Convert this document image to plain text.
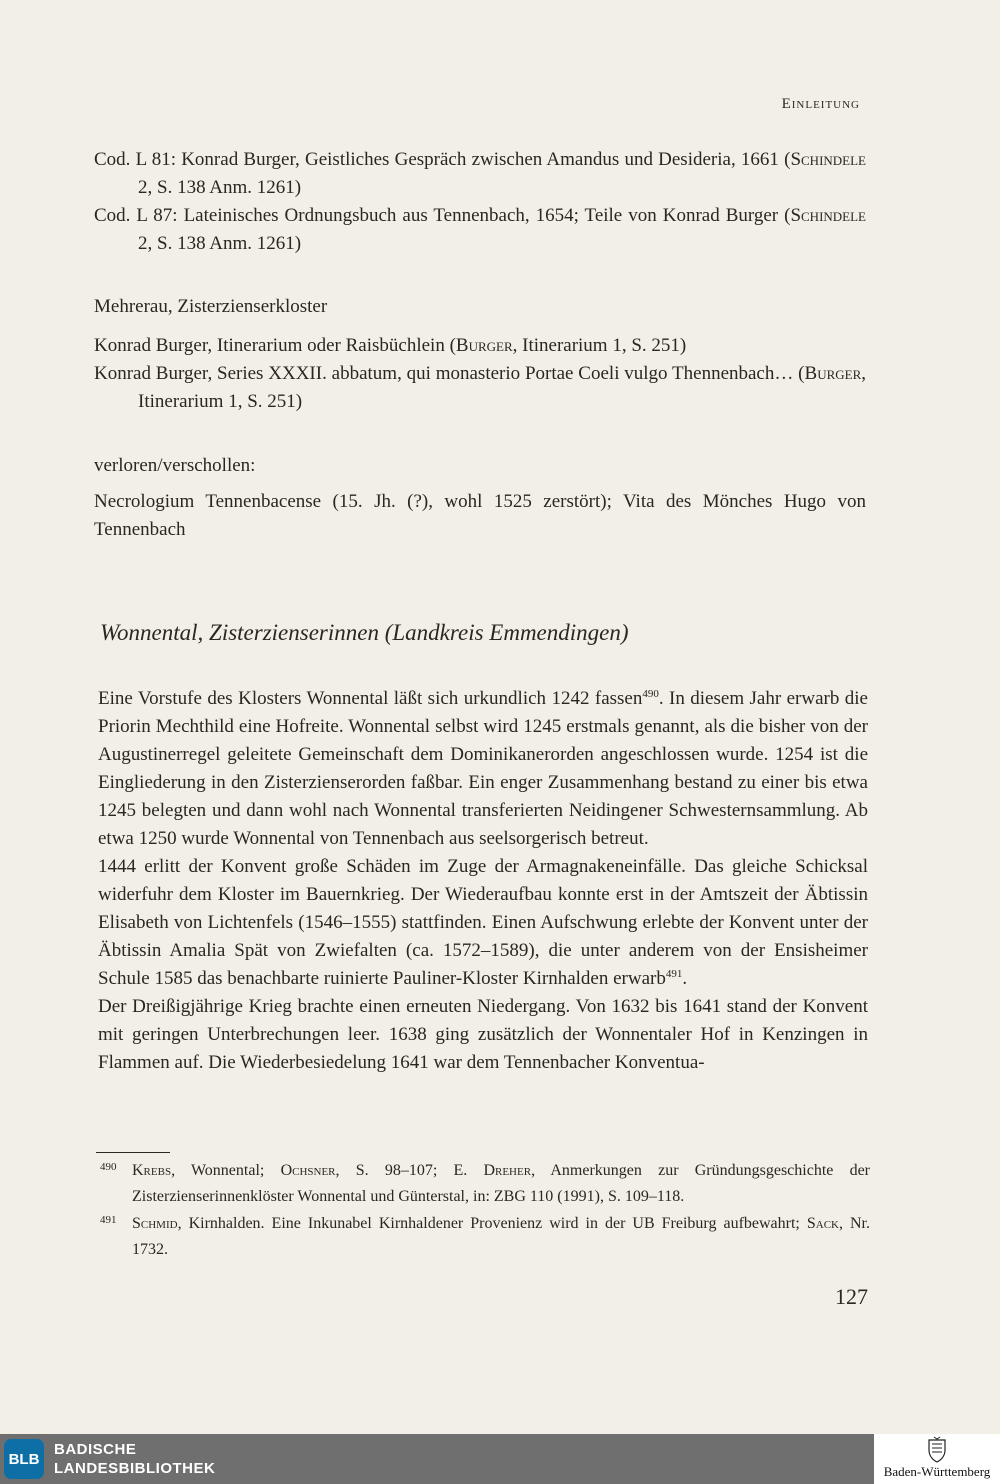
Einleitung

Cod. L 81: Konrad Burger, Geistliches Gespräch zwischen Amandus und Desideria, 1661 (Schindele 2, S. 138 Anm. 1261)

Cod. L 87: Lateinisches Ordnungsbuch aus Tennenbach, 1654; Teile von Konrad Burger (Schindele 2, S. 138 Anm. 1261)

Mehrerau, Zisterzienserkloster

Konrad Burger, Itinerarium oder Raisbüchlein (Burger, Itinerarium 1, S. 251)

Konrad Burger, Series XXXII. abbatum, qui monasterio Portae Coeli vulgo Thennenbach… (Burger, Itinerarium 1, S. 251)

verloren/verschollen:

Necrologium Tennenbacense (15. Jh. (?), wohl 1525 zerstört); Vita des Mönches Hugo von Tennenbach

Wonnental, Zisterzienserinnen (Landkreis Emmendingen)

Eine Vorstufe des Klosters Wonnental läßt sich urkundlich 1242 fassen$^{490}$. In diesem Jahr erwarb die Priorin Mechthild eine Hofreite. Wonnental selbst wird 1245 erstmals genannt, als die bisher von der Augustinerregel geleitete Gemeinschaft dem Dominikanerorden angeschlossen wurde. 1254 ist die Eingliederung in den Zisterzienserorden faßbar. Ein enger Zusammenhang bestand zu einer bis etwa 1245 belegten und dann wohl nach Wonnental transferierten Neidingener Schwesternsammlung. Ab etwa 1250 wurde Wonnental von Tennenbach aus seelsorgerisch betreut.

1444 erlitt der Konvent große Schäden im Zuge der Armagnakeneinfälle. Das gleiche Schicksal widerfuhr dem Kloster im Bauernkrieg. Der Wiederaufbau konnte erst in der Amtszeit der Äbtissin Elisabeth von Lichtenfels (1546–1555) stattfinden. Einen Aufschwung erlebte der Konvent unter der Äbtissin Amalia Spät von Zwiefalten (ca. 1572–1589), die unter anderem von der Ensisheimer Schule 1585 das benachbarte ruinierte Pauliner-Kloster Kirnhalden erwarb$^{491}$.

Der Dreißigjährige Krieg brachte einen erneuten Niedergang. Von 1632 bis 1641 stand der Konvent mit geringen Unterbrechungen leer. 1638 ging zusätzlich der Wonnentaler Hof in Kenzingen in Flammen auf. Die Wiederbesiedelung 1641 war dem Tennenbacher Konventua-

490 Krebs, Wonnental; Ochsner, S. 98–107; E. Dreher, Anmerkungen zur Gründungsgeschichte der Zisterzienserinnenklöster Wonnental und Günterstal, in: ZBG 110 (1991), S. 109–118.
491 Schmid, Kirnhalden. Eine Inkunabel Kirnhaldener Provenienz wird in der UB Freiburg aufbewahrt; Sack, Nr. 1732.
127
BLB
BADISCHE
LANDESBIBLIOTHEK	Baden-Württemberg
